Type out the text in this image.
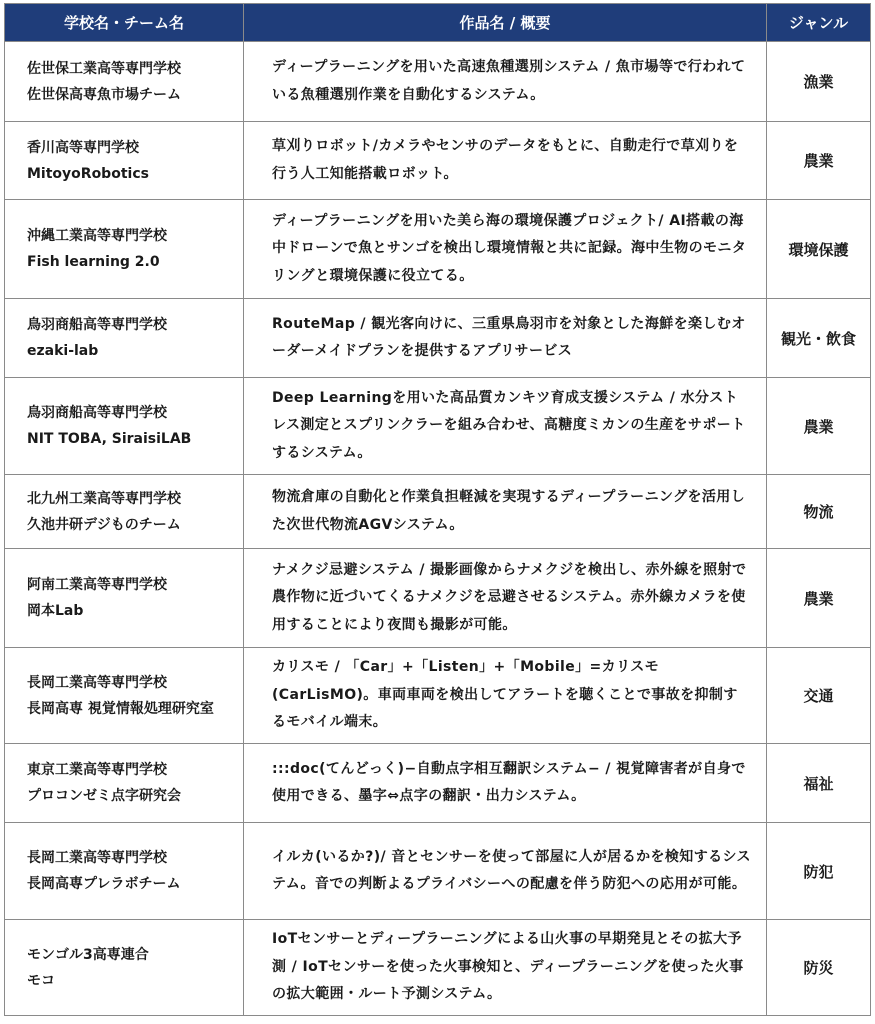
学校名・チーム名	作品名 / 概要	ジャンル

佐世保工業高等専門学校
佐世保高専魚市場チーム	ディープラーニングを用いた高速魚種選別システム / 魚市場等で行われている魚種選別作業を自動化するシステム。	漁業

香川高等専門学校
MitoyoRobotics	草刈りロボット/カメラやセンサのデータをもとに、自動走行で草刈りを行う人工知能搭載ロボット。	農業

沖縄工業高等専門学校
Fish learning 2.0	ディープラーニングを用いた美ら海の環境保護プロジェクト/ AI搭載の海中ドローンで魚とサンゴを検出し環境情報と共に記録。海中生物のモニタリングと環境保護に役立てる。	環境保護

鳥羽商船高等専門学校
ezaki-lab	RouteMap / 観光客向けに、三重県鳥羽市を対象とした海鮮を楽しむオーダーメイドプランを提供するアプリサービス	観光・飲食

鳥羽商船高等専門学校
NIT TOBA, SiraisiLAB	Deep Learningを用いた高品質カンキツ育成支援システム / 水分ストレス測定とスプリンクラーを組み合わせ、高糖度ミカンの生産をサポートするシステム。	農業

北九州工業高等専門学校
久池井研デジものチーム	物流倉庫の自動化と作業負担軽減を実現するディープラーニングを活用した次世代物流AGVシステム。	物流

阿南工業高等専門学校
岡本Lab	ナメクジ忌避システム / 撮影画像からナメクジを検出し、赤外線を照射で農作物に近づいてくるナメクジを忌避させるシステム。赤外線カメラを使用することにより夜間も撮影が可能。	農業

長岡工業高等専門学校
長岡高専 視覚情報処理研究室	カリスモ / 「Car」+「Listen」+「Mobile」=カリスモ(CarLisMO)。車両車両を検出してアラートを聴くことで事故を抑制するモバイル端末。	交通

東京工業高等専門学校
プロコンゼミ点字研究会	:::doc(てんどっく)−自動点字相互翻訳システム− / 視覚障害者が自身で使用できる、墨字⇔点字の翻訳・出力システム。	福祉

長岡工業高等専門学校
長岡高専プレラボチーム	イルカ(いるか?)/ 音とセンサーを使って部屋に人が居るかを検知するシステム。音での判断よるプライバシーへの配慮を伴う防犯への応用が可能。	防犯

モンゴル3高専連合
モコ	IoTセンサーとディープラーニングによる山火事の早期発見とその拡大予測 / IoTセンサーを使った火事検知と、ディープラーニングを使った火事の拡大範囲・ルート予測システム。	防災
